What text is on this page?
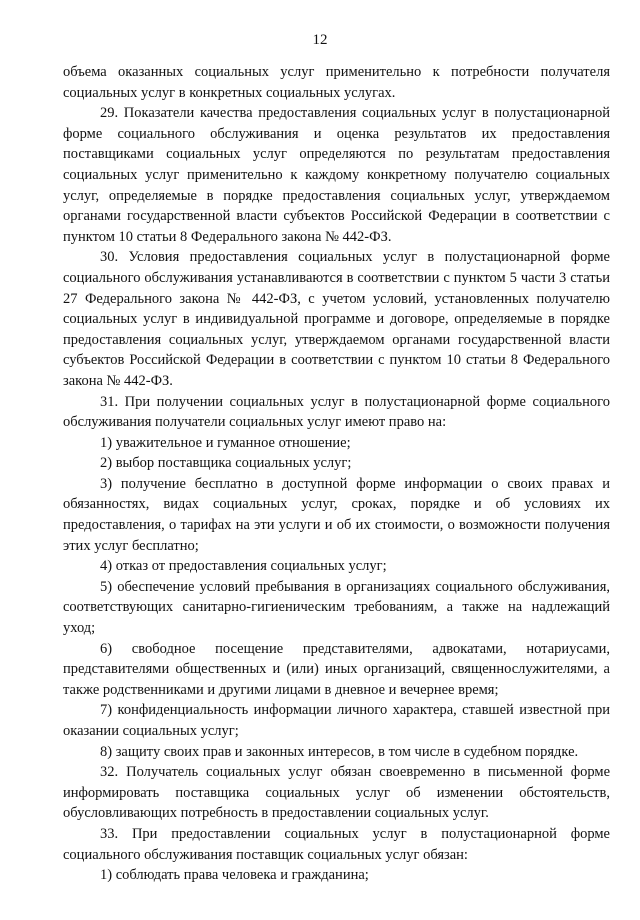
12

объема оказанных социальных услуг применительно к потребности получателя социальных услуг в конкретных социальных услугах.

29. Показатели качества предоставления социальных услуг в полустационарной форме социального обслуживания и оценка результатов их предоставления поставщиками социальных услуг определяются по результатам предоставления социальных услуг применительно к каждому конкретному получателю социальных услуг, определяемые в порядке предоставления социальных услуг, утверждаемом органами государственной власти субъектов Российской Федерации в соответствии с пунктом 10 статьи 8 Федерального закона № 442-ФЗ.

30. Условия предоставления социальных услуг в полустационарной форме социального обслуживания устанавливаются в соответствии с пунктом 5 части 3 статьи 27 Федерального закона № 442-ФЗ, с учетом условий, установленных получателю социальных услуг в индивидуальной программе и договоре, определяемые в порядке предоставления социальных услуг, утверждаемом органами государственной власти субъектов Российской Федерации в соответствии с пунктом 10 статьи 8 Федерального закона № 442-ФЗ.

31. При получении социальных услуг в полустационарной форме социального обслуживания получатели социальных услуг имеют право на:

1) уважительное и гуманное отношение;

2) выбор поставщика социальных услуг;

3) получение бесплатно в доступной форме информации о своих правах и обязанностях, видах социальных услуг, сроках, порядке и об условиях их предоставления, о тарифах на эти услуги и об их стоимости, о возможности получения этих услуг бесплатно;

4) отказ от предоставления социальных услуг;

5) обеспечение условий пребывания в организациях социального обслуживания, соответствующих санитарно-гигиеническим требованиям, а также на надлежащий уход;

6) свободное посещение представителями, адвокатами, нотариусами, представителями общественных и (или) иных организаций, священнослужителями, а также родственниками и другими лицами в дневное и вечернее время;

7) конфиденциальность информации личного характера, ставшей известной при оказании социальных услуг;

8) защиту своих прав и законных интересов, в том числе в судебном порядке.

32. Получатель социальных услуг обязан своевременно в письменной форме информировать поставщика социальных услуг об изменении обстоятельств, обусловливающих потребность в предоставлении социальных услуг.

33. При предоставлении социальных услуг в полустационарной форме социального обслуживания поставщик социальных услуг обязан:

1) соблюдать права человека и гражданина;
